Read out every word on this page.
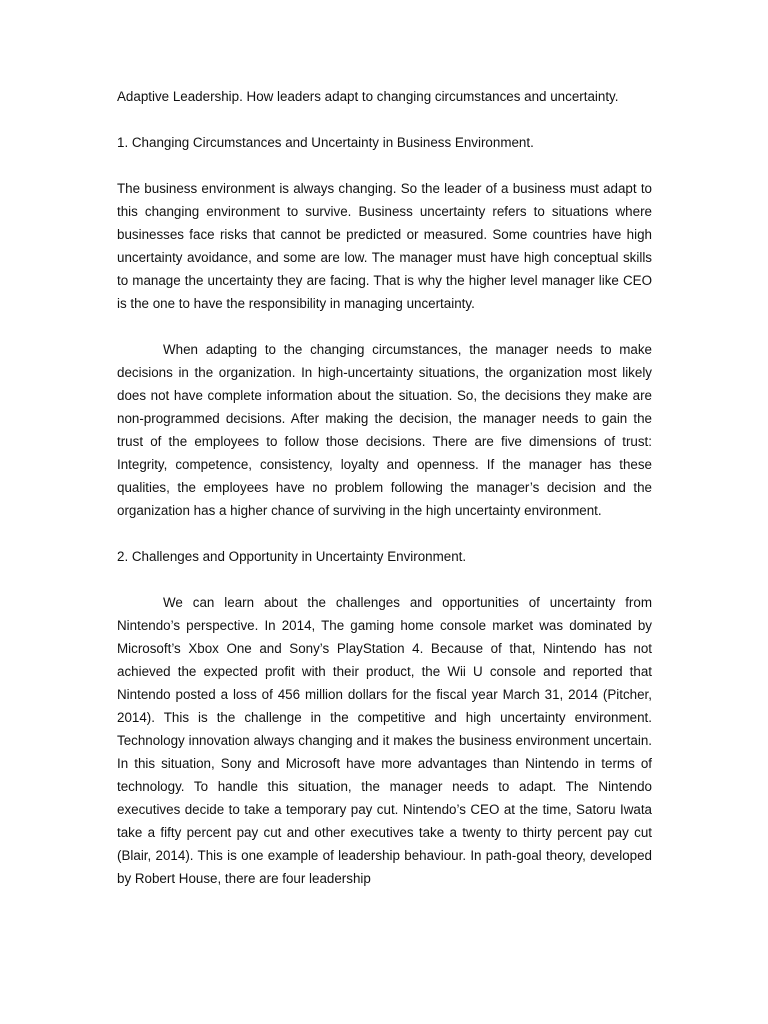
Adaptive Leadership. How leaders adapt to changing circumstances and uncertainty.

1. Changing Circumstances and Uncertainty in Business Environment.

The business environment is always changing. So the leader of a business must adapt to this changing environment to survive. Business uncertainty refers to situations where businesses face risks that cannot be predicted or measured. Some countries have high uncertainty avoidance, and some are low. The manager must have high conceptual skills to manage the uncertainty they are facing. That is why the higher level manager like CEO is the one to have the responsibility in managing uncertainty.

When adapting to the changing circumstances, the manager needs to make decisions in the organization. In high-uncertainty situations, the organization most likely does not have complete information about the situation. So, the decisions they make are non-programmed decisions. After making the decision, the manager needs to gain the trust of the employees to follow those decisions. There are five dimensions of trust: Integrity, competence, consistency, loyalty and openness. If the manager has these qualities, the employees have no problem following the manager’s decision and the organization has a higher chance of surviving in the high uncertainty environment.

2. Challenges and Opportunity in Uncertainty Environment.

We can learn about the challenges and opportunities of uncertainty from Nintendo’s perspective. In 2014, The gaming home console market was dominated by Microsoft’s Xbox One and Sony’s PlayStation 4. Because of that, Nintendo has not achieved the expected profit with their product, the Wii U console and reported that Nintendo posted a loss of 456 million dollars for the fiscal year March 31, 2014 (Pitcher, 2014). This is the challenge in the competitive and high uncertainty environment. Technology innovation always changing and it makes the business environment uncertain. In this situation, Sony and Microsoft have more advantages than Nintendo in terms of technology. To handle this situation, the manager needs to adapt. The Nintendo executives decide to take a temporary pay cut. Nintendo’s CEO at the time, Satoru Iwata take a fifty percent pay cut and other executives take a twenty to thirty percent pay cut (Blair, 2014). This is one example of leadership behaviour. In path-goal theory, developed by Robert House, there are four leadership
